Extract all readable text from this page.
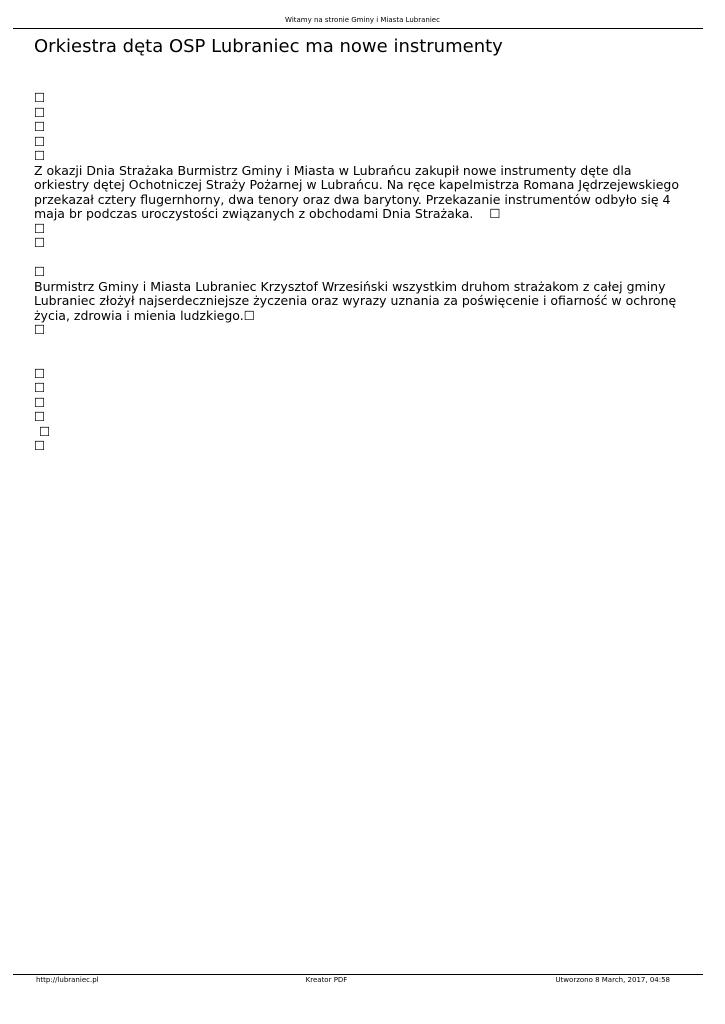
Witamy na stronie Gminy i Miasta Lubraniec
Orkiestra dęta OSP Lubraniec ma nowe instrumenty
☐
☐
☐
☐
☐

Z okazji Dnia Strażaka Burmistrz Gminy i Miasta w Lubrańcu zakupił nowe instrumenty dęte dla orkiestry dętej Ochotniczej Straży Pożarnej w Lubrańcu. Na ręce kapelmistrza Romana Jędrzejewskiego przekazał cztery flugernhorny, dwa tenory oraz dwa barytony. Przekazanie instrumentów odbyło się 4 maja br podczas uroczystości związanych z obchodami Dnia Strażaka. ☐

☐
☐
☐

Burmistrz Gminy i Miasta Lubraniec Krzysztof Wrzesiński wszystkim druhom strażakom z całej gminy Lubraniec złożył najserdeczniejsze życzenia oraz wyrazy uznania za poświęcenie i ofiarność w ochronę życia, zdrowia i mienia ludzkiego.☐

☐
☐
☐
☐
☐
☐
☐
http://lubraniec.pl	Kreator PDF	Utworzono 8 March, 2017, 04:58
